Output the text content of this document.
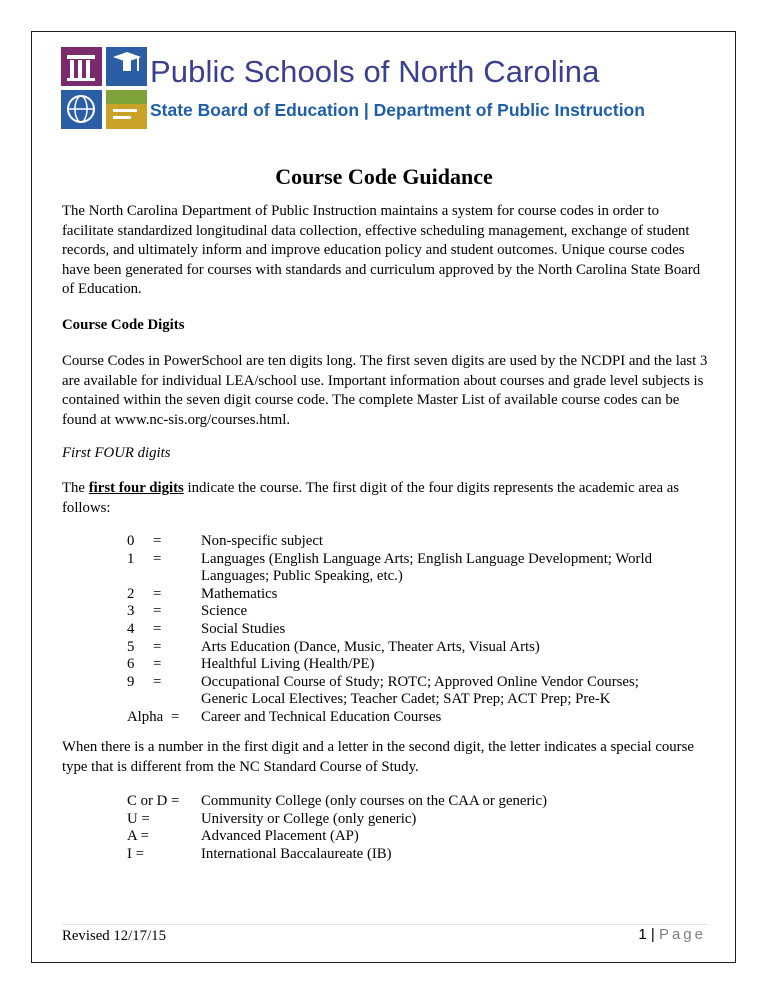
Public Schools of North Carolina
State Board of Education | Department of Public Instruction
Course Code Guidance
The North Carolina Department of Public Instruction maintains a system for course codes in order to facilitate standardized longitudinal data collection, effective scheduling management, exchange of student records, and ultimately inform and improve education policy and student outcomes. Unique course codes have been generated for courses with standards and curriculum approved by the North Carolina State Board of Education.
Course Code Digits
Course Codes in PowerSchool are ten digits long. The first seven digits are used by the NCDPI and the last 3 are available for individual LEA/school use. Important information about courses and grade level subjects is contained within the seven digit course code. The complete Master List of available course codes can be found at www.nc-sis.org/courses.html.
First FOUR digits
The first four digits indicate the course. The first digit of the four digits represents the academic area as follows:
0	=	Non-specific subject
1	=	Languages (English Language Arts; English Language Development; World Languages; Public Speaking, etc.)
2	=	Mathematics
3	=	Science
4	=	Social Studies
5	=	Arts Education (Dance, Music, Theater Arts, Visual Arts)
6	=	Healthful Living (Health/PE)
9	=	Occupational Course of Study; ROTC; Approved Online Vendor Courses; Generic Local Electives; Teacher Cadet; SAT Prep; ACT Prep; Pre-K
Alpha = Career and Technical Education Courses
When there is a number in the first digit and a letter in the second digit, the letter indicates a special course type that is different from the NC Standard Course of Study.
C or D =	Community College (only courses on the CAA or generic)
U =	University or College (only generic)
A =	Advanced Placement (AP)
I =	International Baccalaureate (IB)
Revised 12/17/15	1 | Page
